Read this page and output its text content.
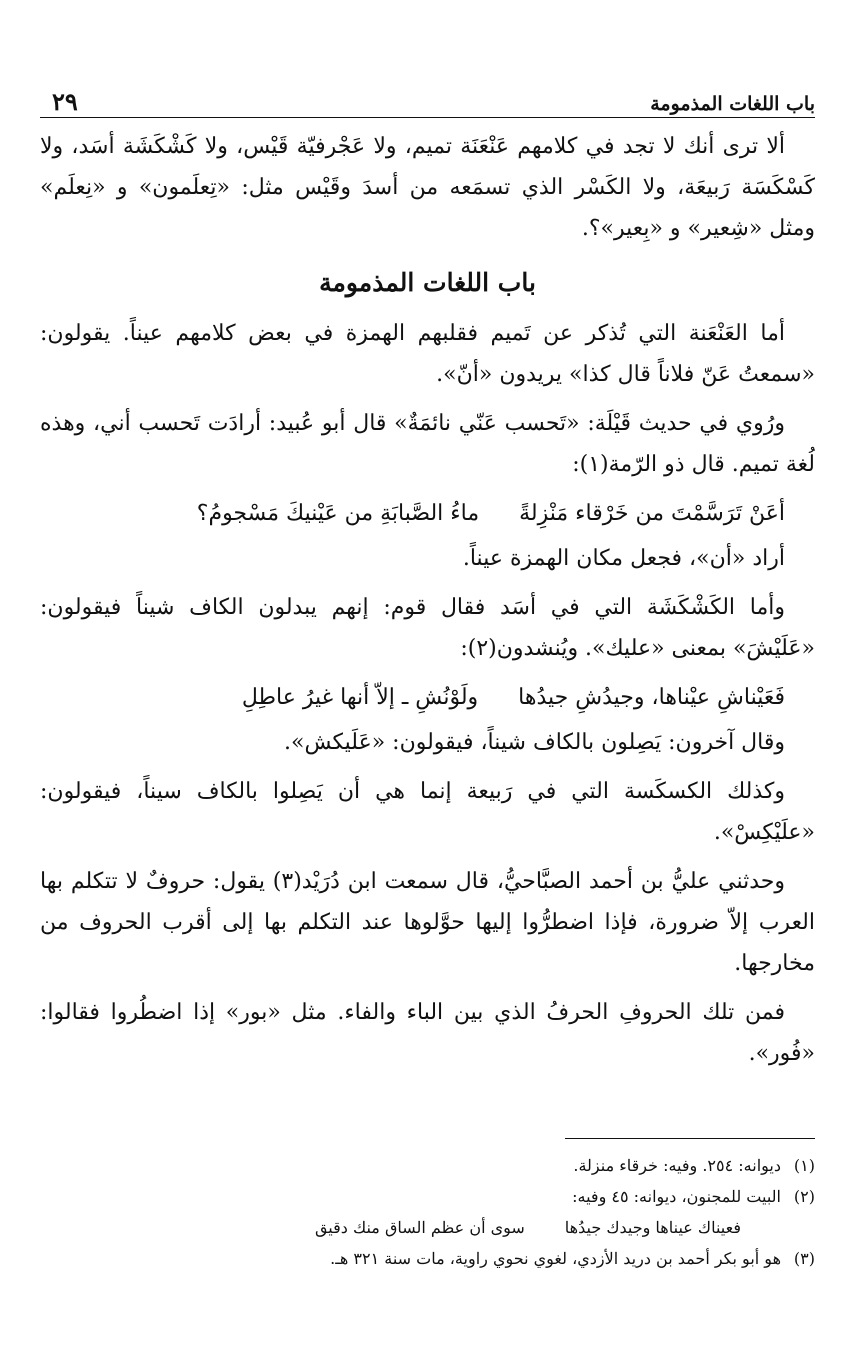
باب اللغات المذمومة
٢٩

ألا ترى أنك لا تجد في كلامهم عَنْعَنَة تميم، ولا عَجْرفيّة قَيْس، ولا كَشْكَشَة أسَد، ولا كَسْكَسَة رَبيعَة، ولا الكَسْر الذي تسمَعه من أسدَ وقَيْس مثل: «تِعلَمون» و «نِعلَم» ومثل «شِعير» و «بِعير»؟.

باب اللغات المذمومة

أما العَنْعَنة التي تُذكر عن تَميم فقلبهم الهمزة في بعض كلامهم عيناً. يقولون: «سمعتُ عَنّ فلاناً قال كذا» يريدون «أنّ».

ورُوي في حديث قَيْلَة: «تَحسب عَنّي نائمَةٌ» قال أبو عُبيد: أرادَت تَحسب أني، وهذه لُغة تميم. قال ذو الرّمة(١):

أعَنْ تَرَسَّمْتَ من خَرْقاء مَنْزِلةً
ماءُ الصَّبابَةِ من عَيْنيكَ مَسْجومُ؟

أراد «أن»، فجعل مكان الهمزة عيناً.

وأما الكَشْكَشَة التي في أسَد فقال قوم: إنهم يبدلون الكاف شيناً فيقولون: «عَلَيْشَ» بمعنى «عليك». ويُنشدون(٢):

فَعَيْناشِ عيْناها، وجيدُشِ جيدُها
ولَوْنُشِ ـ إلاّ أنها غيرُ عاطِلِ

وقال آخرون: يَصِلون بالكاف شيناً، فيقولون: «عَلَيكش».

وكذلك الكسكَسة التي في رَبيعة إنما هي أن يَصِلوا بالكاف سيناً، فيقولون: «علَيْكِسْ».

وحدثني عليُّ بن أحمد الصبَّاحيُّ، قال سمعت ابن دُرَيْد(٣) يقول: حروفٌ لا تتكلم بها العرب إلاّ ضرورة، فإذا اضطرُّوا إليها حوَّلوها عند التكلم بها إلى أقرب الحروف من مخارجها.

فمن تلك الحروفِ الحرفُ الذي بين الباء والفاء. مثل «بور» إذا اضطُروا فقالوا: «فُور».

(١)
ديوانه: ٢٥٤. وفيه: خرقاء منزلة.
(٢)
البيت للمجنون، ديوانه: ٤٥ وفيه:
فعيناك عيناها وجيدك جيدُها
سوى أن عظم الساق منك دقيق
(٣)
هو أبو بكر أحمد بن دريد الأزدي، لغوي نحوي راوية، مات سنة ٣٢١ هـ.
